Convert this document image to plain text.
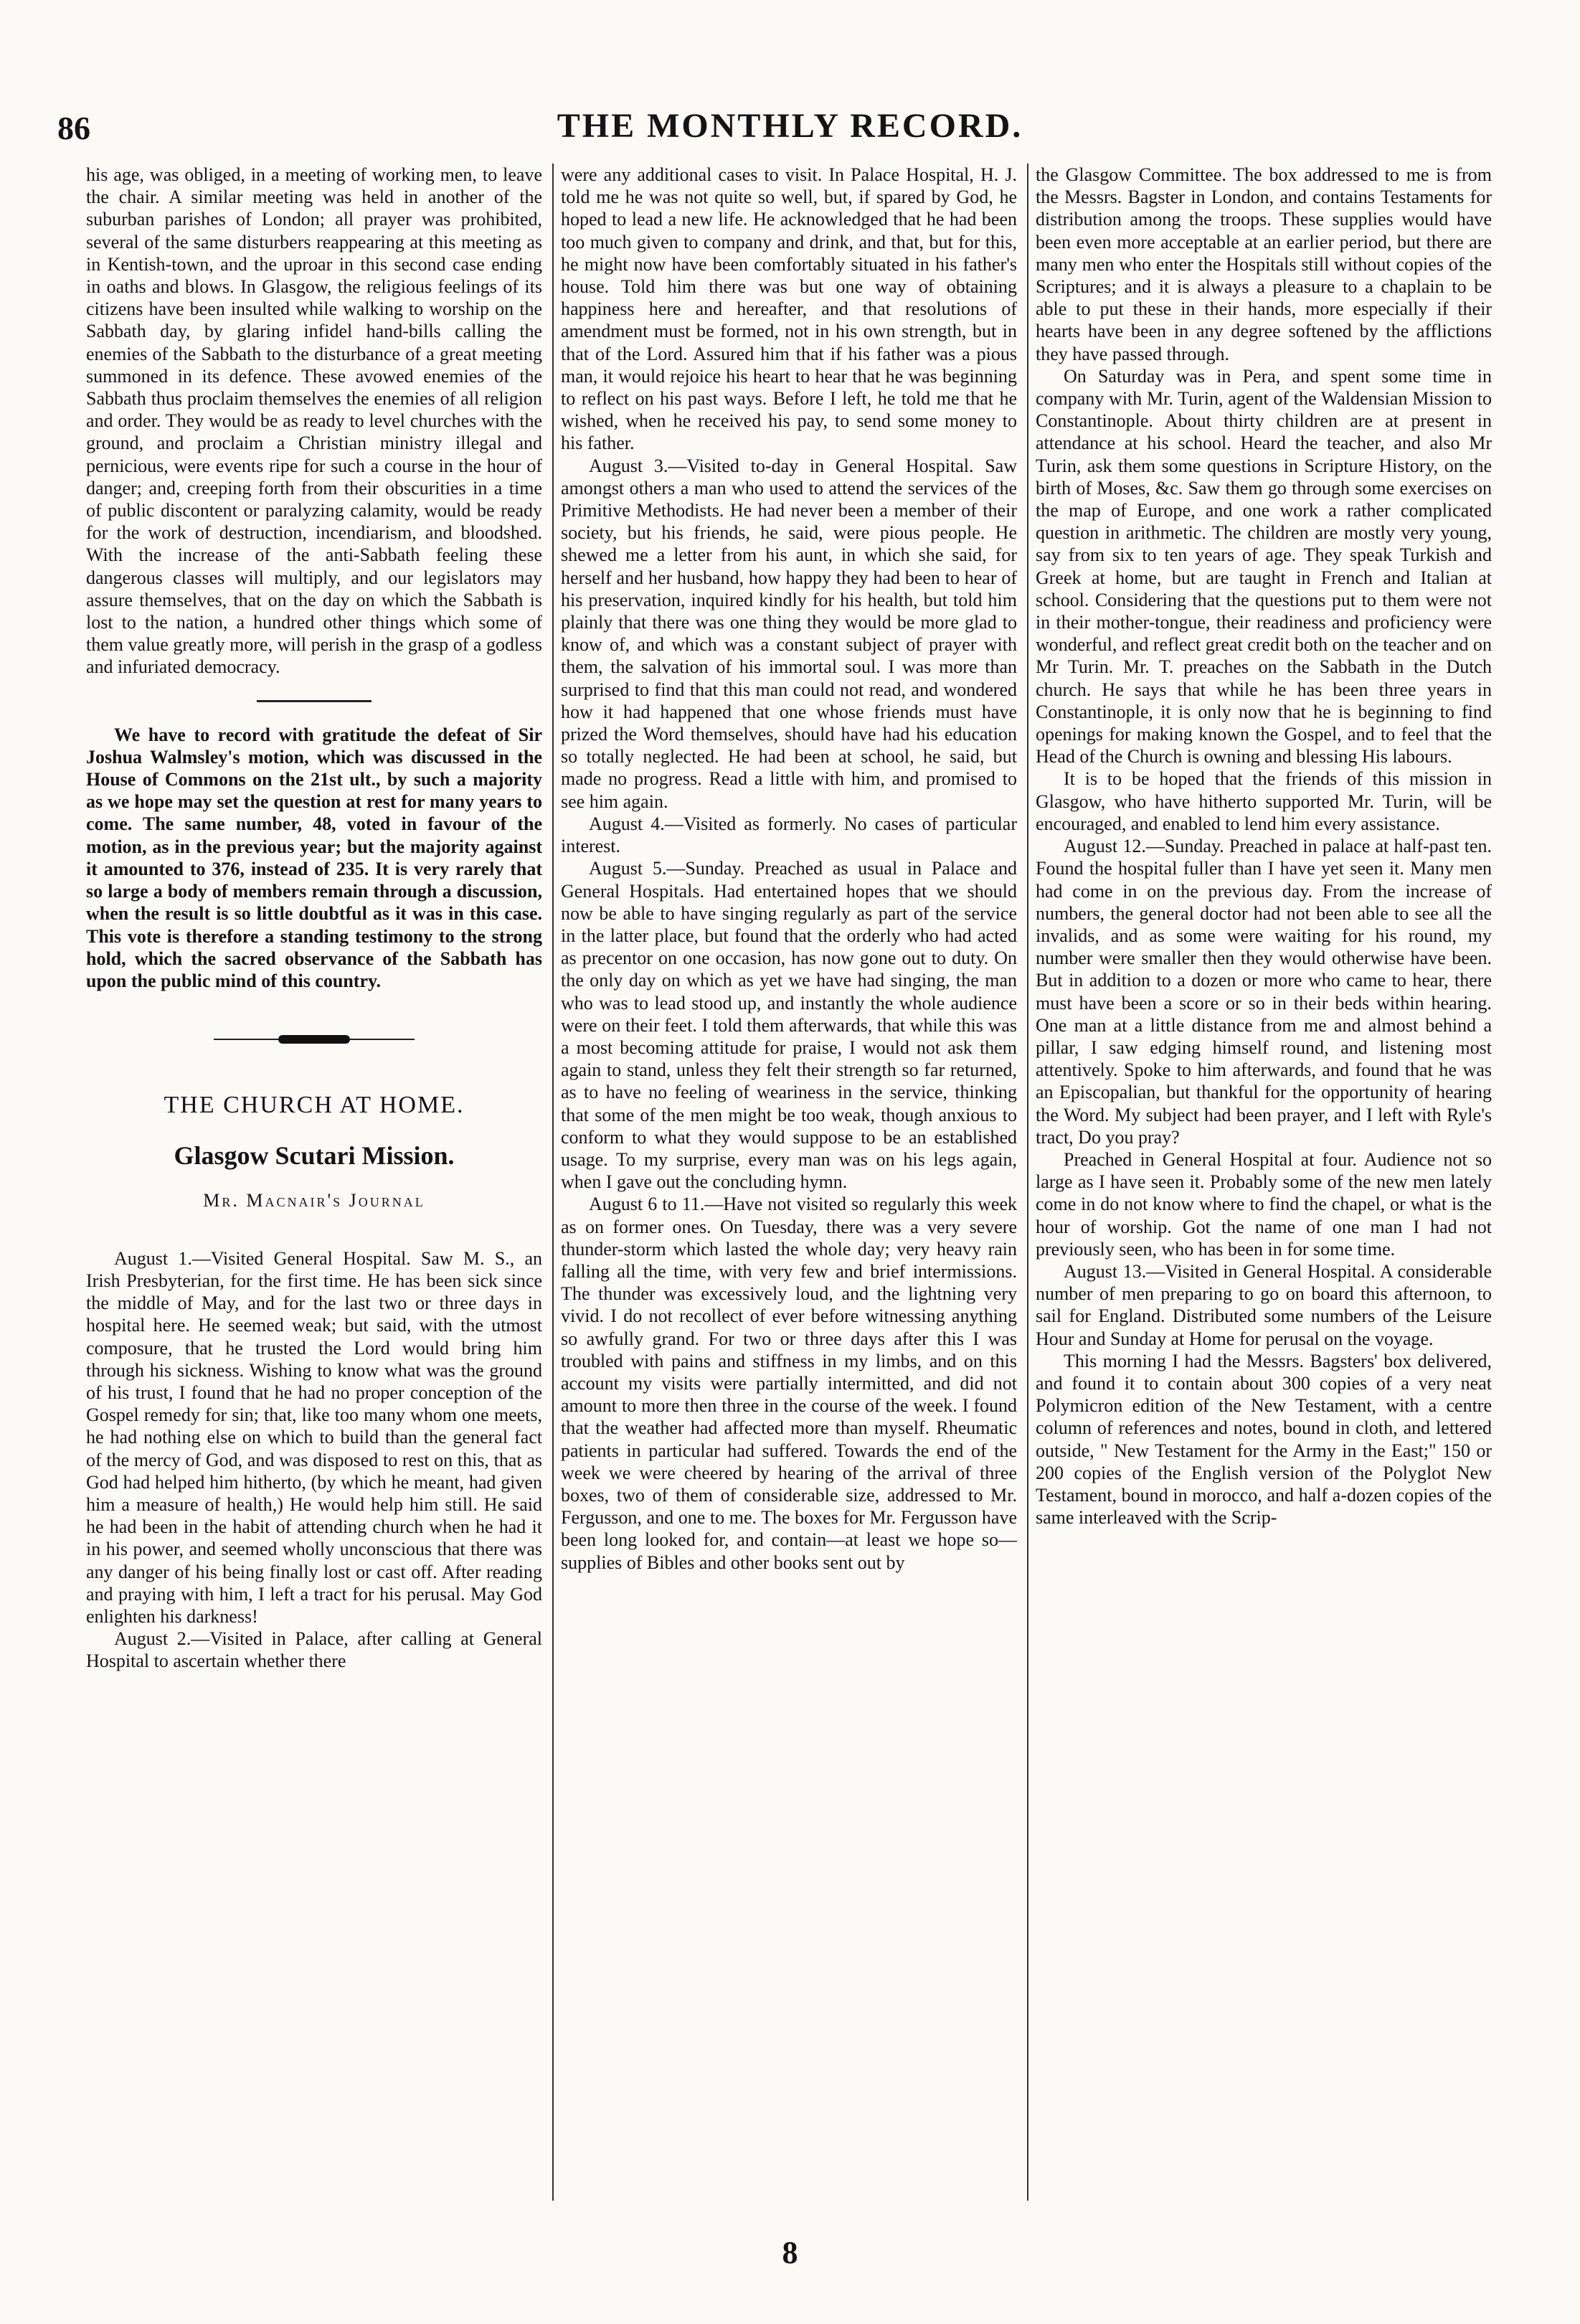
86	THE MONTHLY RECORD.

his age, was obliged, in a meeting of working men, to leave the chair. A similar meeting was held in another of the suburban parishes of London; all prayer was prohibited, several of the same disturbers reappearing at this meeting as in Kentish-town, and the uproar in this second case ending in oaths and blows. In Glasgow, the religious feelings of its citizens have been insulted while walking to worship on the Sabbath day, by glaring infidel hand-bills calling the enemies of the Sabbath to the disturbance of a great meeting summoned in its defence. These avowed enemies of the Sabbath thus proclaim themselves the enemies of all religion and order. They would be as ready to level churches with the ground, and proclaim a Christian ministry illegal and pernicious, were events ripe for such a course in the hour of danger; and, creeping forth from their obscurities in a time of public discontent or paralyzing calamity, would be ready for the work of destruction, incendiarism, and bloodshed. With the increase of the anti-Sabbath feeling these dangerous classes will multiply, and our legislators may assure themselves, that on the day on which the Sabbath is lost to the nation, a hundred other things which some of them value greatly more, will perish in the grasp of a godless and infuriated democracy.

We have to record with gratitude the defeat of Sir Joshua Walmsley's motion, which was discussed in the House of Commons on the 21st ult., by such a majority as we hope may set the question at rest for many years to come. The same number, 48, voted in favour of the motion, as in the previous year; but the majority against it amounted to 376, instead of 235. It is very rarely that so large a body of members remain through a discussion, when the result is so little doubtful as it was in this case. This vote is therefore a standing testimony to the strong hold, which the sacred observance of the Sabbath has upon the public mind of this country.

THE CHURCH AT HOME.
Glasgow Scutari Mission.
Mr. Macnair's Journal

August 1.—Visited General Hospital. Saw M. S., an Irish Presbyterian, for the first time. He has been sick since the middle of May, and for the last two or three days in hospital here. He seemed weak; but said, with the utmost composure, that he trusted the Lord would bring him through his sickness. Wishing to know what was the ground of his trust, I found that he had no proper conception of the Gospel remedy for sin; that, like too many whom one meets, he had nothing else on which to build than the general fact of the mercy of God, and was disposed to rest on this, that as God had helped him hitherto, (by which he meant, had given him a measure of health,) He would help him still. He said he had been in the habit of attending church when he had it in his power, and seemed wholly unconscious that there was any danger of his being finally lost or cast off. After reading and praying with him, I left a tract for his perusal. May God enlighten his darkness!

August 2.—Visited in Palace, after calling at General Hospital to ascertain whether there

were any additional cases to visit. In Palace Hospital, H. J. told me he was not quite so well, but, if spared by God, he hoped to lead a new life. He acknowledged that he had been too much given to company and drink, and that, but for this, he might now have been comfortably situated in his father's house. Told him there was but one way of obtaining happiness here and hereafter, and that resolutions of amendment must be formed, not in his own strength, but in that of the Lord. Assured him that if his father was a pious man, it would rejoice his heart to hear that he was beginning to reflect on his past ways. Before I left, he told me that he wished, when he received his pay, to send some money to his father.

August 3.—Visited to-day in General Hospital. Saw amongst others a man who used to attend the services of the Primitive Methodists. He had never been a member of their society, but his friends, he said, were pious people. He shewed me a letter from his aunt, in which she said, for herself and her husband, how happy they had been to hear of his preservation, inquired kindly for his health, but told him plainly that there was one thing they would be more glad to know of, and which was a constant subject of prayer with them, the salvation of his immortal soul. I was more than surprised to find that this man could not read, and wondered how it had happened that one whose friends must have prized the Word themselves, should have had his education so totally neglected. He had been at school, he said, but made no progress. Read a little with him, and promised to see him again.

August 4.—Visited as formerly. No cases of particular interest.

August 5.—Sunday. Preached as usual in Palace and General Hospitals. Had entertained hopes that we should now be able to have singing regularly as part of the service in the latter place, but found that the orderly who had acted as precentor on one occasion, has now gone out to duty. On the only day on which as yet we have had singing, the man who was to lead stood up, and instantly the whole audience were on their feet. I told them afterwards, that while this was a most becoming attitude for praise, I would not ask them again to stand, unless they felt their strength so far returned, as to have no feeling of weariness in the service, thinking that some of the men might be too weak, though anxious to conform to what they would suppose to be an established usage. To my surprise, every man was on his legs again, when I gave out the concluding hymn.

August 6 to 11.—Have not visited so regularly this week as on former ones. On Tuesday, there was a very severe thunder-storm which lasted the whole day; very heavy rain falling all the time, with very few and brief intermissions. The thunder was excessively loud, and the lightning very vivid. I do not recollect of ever before witnessing anything so awfully grand. For two or three days after this I was troubled with pains and stiffness in my limbs, and on this account my visits were partially intermitted, and did not amount to more then three in the course of the week. I found that the weather had affected more than myself. Rheumatic patients in particular had suffered. Towards the end of the week we were cheered by hearing of the arrival of three boxes, two of them of considerable size, addressed to Mr. Fergusson, and one to me. The boxes for Mr. Fergusson have been long looked for, and contain—at least we hope so—supplies of Bibles and other books sent out by

the Glasgow Committee. The box addressed to me is from the Messrs. Bagster in London, and contains Testaments for distribution among the troops. These supplies would have been even more acceptable at an earlier period, but there are many men who enter the Hospitals still without copies of the Scriptures; and it is always a pleasure to a chaplain to be able to put these in their hands, more especially if their hearts have been in any degree softened by the afflictions they have passed through.

On Saturday was in Pera, and spent some time in company with Mr. Turin, agent of the Waldensian Mission to Constantinople. About thirty children are at present in attendance at his school. Heard the teacher, and also Mr Turin, ask them some questions in Scripture History, on the birth of Moses, &c. Saw them go through some exercises on the map of Europe, and one work a rather complicated question in arithmetic. The children are mostly very young, say from six to ten years of age. They speak Turkish and Greek at home, but are taught in French and Italian at school. Considering that the questions put to them were not in their mother-tongue, their readiness and proficiency were wonderful, and reflect great credit both on the teacher and on Mr Turin. Mr. T. preaches on the Sabbath in the Dutch church. He says that while he has been three years in Constantinople, it is only now that he is beginning to find openings for making known the Gospel, and to feel that the Head of the Church is owning and blessing His labours.

It is to be hoped that the friends of this mission in Glasgow, who have hitherto supported Mr. Turin, will be encouraged, and enabled to lend him every assistance.

August 12.—Sunday. Preached in palace at half-past ten. Found the hospital fuller than I have yet seen it. Many men had come in on the previous day. From the increase of numbers, the general doctor had not been able to see all the invalids, and as some were waiting for his round, my number were smaller then they would otherwise have been. But in addition to a dozen or more who came to hear, there must have been a score or so in their beds within hearing. One man at a little distance from me and almost behind a pillar, I saw edging himself round, and listening most attentively. Spoke to him afterwards, and found that he was an Episcopalian, but thankful for the opportunity of hearing the Word. My subject had been prayer, and I left with Ryle's tract, Do you pray?

Preached in General Hospital at four. Audience not so large as I have seen it. Probably some of the new men lately come in do not know where to find the chapel, or what is the hour of worship. Got the name of one man I had not previously seen, who has been in for some time.

August 13.—Visited in General Hospital. A considerable number of men preparing to go on board this afternoon, to sail for England. Distributed some numbers of the Leisure Hour and Sunday at Home for perusal on the voyage.

This morning I had the Messrs. Bagsters' box delivered, and found it to contain about 300 copies of a very neat Polymicron edition of the New Testament, with a centre column of references and notes, bound in cloth, and lettered outside, " New Testament for the Army in the East;" 150 or 200 copies of the English version of the Polyglot New Testament, bound in morocco, and half a-dozen copies of the same interleaved with the Scrip-

8
